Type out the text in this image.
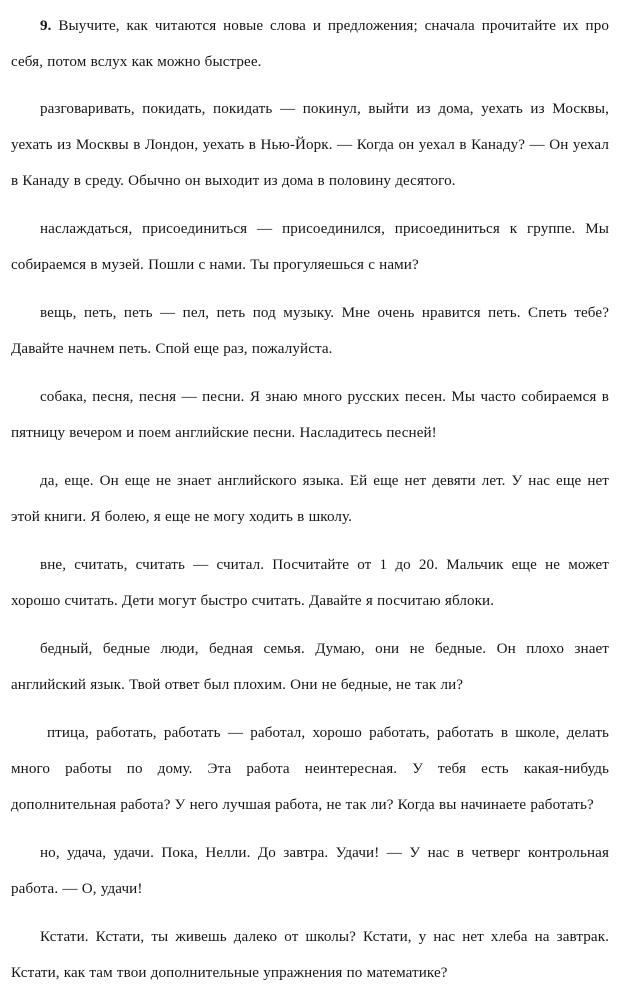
9. Выучите, как читаются новые слова и предложения; сначала прочитайте их про себя, потом вслух как можно быстрее.

разговаривать, покидать, покидать — покинул, выйти из дома, уехать из Москвы, уехать из Москвы в Лондон, уехать в Нью-Йорк. — Когда он уехал в Канаду? — Он уехал в Канаду в среду. Обычно он выходит из дома в половину десятого.

наслаждаться, присоединиться — присоединился, присоединиться к группе. Мы собираемся в музей. Пошли с нами. Ты прогуляешься с нами?

вещь, петь, петь — пел, петь под музыку. Мне очень нравится петь. Спеть тебе? Давайте начнем петь. Спой еще раз, пожалуйста.

собака, песня, песня — песни. Я знаю много русских песен. Мы часто собираемся в пятницу вечером и поем английские песни. Насладитесь песней!

да, еще. Он еще не знает английского языка. Ей еще нет девяти лет. У нас еще нет этой книги. Я болею, я еще не могу ходить в школу.

вне, считать, считать — считал. Посчитайте от 1 до 20. Мальчик еще не может хорошо считать. Дети могут быстро считать. Давайте я посчитаю яблоки.

бедный, бедные люди, бедная семья. Думаю, они не бедные. Он плохо знает английский язык. Твой ответ был плохим. Они не бедные, не так ли?

птица, работать, работать — работал, хорошо работать, работать в школе, делать много работы по дому. Эта работа неинтересная. У тебя есть какая-нибудь дополнительная работа? У него лучшая работа, не так ли? Когда вы начинаете работать?

но, удача, удачи. Пока, Нелли. До завтра. Удачи! — У нас в четверг контрольная работа. — О, удачи!

Кстати. Кстати, ты живешь далеко от школы? Кстати, у нас нет хлеба на завтрак. Кстати, как там твои дополнительные упражнения по математике?
